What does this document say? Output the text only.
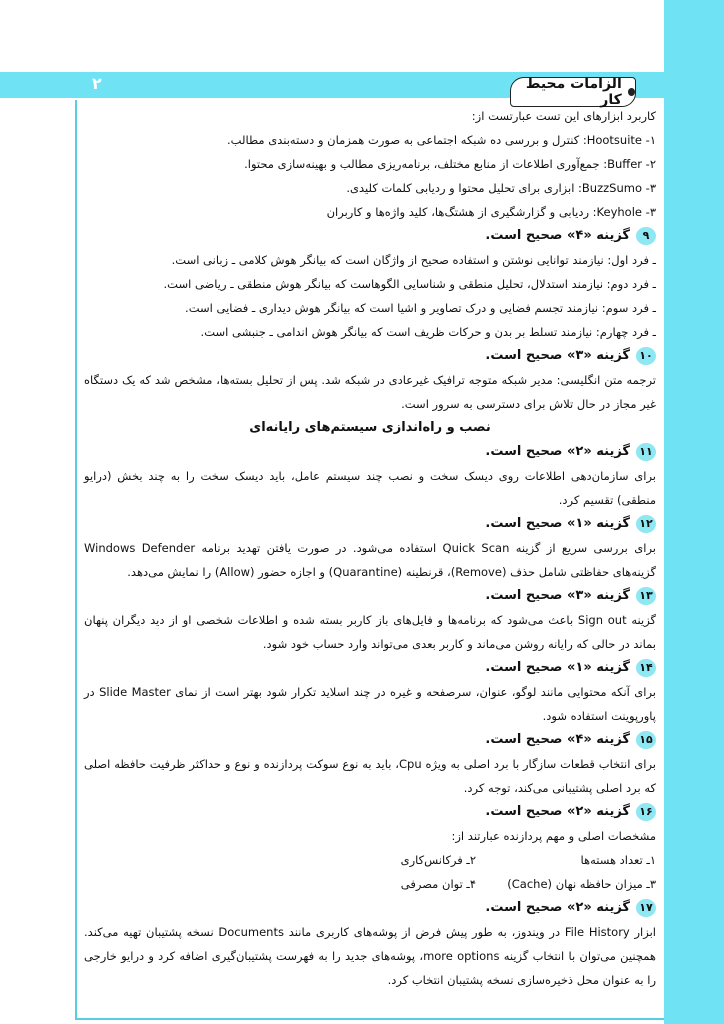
۲	الزامات محیط کار
کاربرد ابزارهای این تست عبارتست از:
۱- Hootsuite: کنترل و بررسی ده شبکه اجتماعی به صورت همزمان و دسته‌بندی مطالب.
۲- Buffer: جمع‌آوری اطلاعات از منابع مختلف، برنامه‌ریزی مطالب و بهینه‌سازی محتوا.
۳- BuzzSumo: ابزاری برای تحلیل محتوا و ردیابی کلمات کلیدی.
۳- Keyhole: ردیابی و گزارشگیری از هشتگ‌ها، کلید واژه‌ها و کاربران
۹
گزینه «۴» صحیح است.
ـ فرد اول: نیازمند توانایی نوشتن و استفاده صحیح از واژگان است که بیانگر هوش کلامی ـ زبانی است.
ـ فرد دوم: نیازمند استدلال، تحلیل منطقی و شناسایی الگوهاست که بیانگر هوش منطقی ـ ریاضی است.
ـ فرد سوم: نیازمند تجسم فضایی و درک تصاویر و اشیا است که بیانگر هوش دیداری ـ فضایی است.
ـ فرد چهارم: نیازمند تسلط بر بدن و حرکات ظریف است که بیانگر هوش اندامی ـ جنبشی است.
۱۰
گزینه «۳» صحیح است.
ترجمه متن انگلیسی: مدیر شبکه متوجه ترافیک غیرعادی در شبکه شد. پس از تحلیل بسته‌ها، مشخص شد که یک دستگاه غیر مجاز در حال تلاش برای دسترسی به سرور است.
نصب و راه‌اندازی سیستم‌های رایانه‌ای
۱۱
گزینه «۲» صحیح است.
برای سازمان‌دهی اطلاعات روی دیسک سخت و نصب چند سیستم عامل، باید دیسک سخت را به چند بخش (درایو منطقی) تقسیم کرد.
۱۲
گزینه «۱» صحیح است.
برای بررسی سریع از گزینه Quick Scan استفاده می‌شود. در صورت یافتن تهدید برنامه Windows Defender گزینه‌های حفاظتی شامل حذف (Remove)، قرنطینه (Quarantine) و اجازه حضور (Allow) را نمایش می‌دهد.
۱۳
گزینه «۳» صحیح است.
گزینه Sign out باعث می‌شود که برنامه‌ها و فایل‌های باز کاربر بسته شده و اطلاعات شخصی او از دید دیگران پنهان بماند در حالی که رایانه روشن می‌ماند و کاربر بعدی می‌تواند وارد حساب خود شود.
۱۴
گزینه «۱» صحیح است.
برای آنکه محتوایی مانند لوگو، عنوان، سرصفحه و غیره در چند اسلاید تکرار شود بهتر است از نمای Slide Master در پاورپوینت استفاده شود.
۱۵
گزینه «۴» صحیح است.
برای انتخاب قطعات سازگار با برد اصلی به ویژه Cpu، باید به نوع سوکت پردازنده و نوع و حداکثر ظرفیت حافظه اصلی که برد اصلی پشتیبانی می‌کند، توجه کرد.
۱۶
گزینه «۲» صحیح است.
مشخصات اصلی و مهم پردازنده عبارتند از:
۱ـ تعداد هسته‌ها
۲ـ فرکانس‌کاری
۳ـ میزان حافظه نهان (Cache)
۴ـ توان مصرفی
۱۷
گزینه «۲» صحیح است.
ابزار File History در ویندوز، به طور پیش فرض از پوشه‌های کاربری مانند Documents نسخه پشتیبان تهیه می‌کند. همچنین می‌توان با انتخاب گزینه more options، پوشه‌های جدید را به فهرست پشتیبان‌گیری اضافه کرد و درایو خارجی را به عنوان محل ذخیره‌سازی نسخه پشتیبان انتخاب کرد.
